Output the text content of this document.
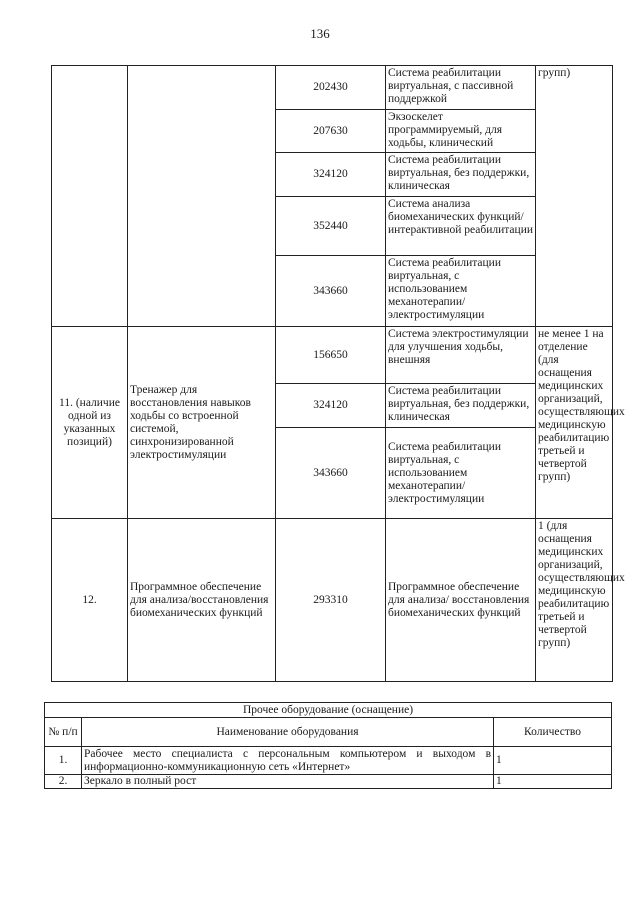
136
		202430	Система реабилитации виртуальная, с пассивной поддержкой	групп)
		207630	Экзоскелет программируемый, для ходьбы, клинический	
		324120	Система реабилитации виртуальная, без поддержки, клиническая	
		352440	Система анализа биомеханических функций/ интерактивной реабилитации	
		343660	Система реабилитации виртуальная, с использованием механотерапии/ электростимуляции	
11. (наличие одной из указанных позиций)	Тренажер для восстановления навыков ходьбы со встроенной системой, синхронизированной электростимуляции	156650	Система электростимуляции для улучшения ходьбы, внешняя	не менее 1 на отделение (для оснащения медицинских организаций, осуществляющих медицинскую реабилитацию третьей и четвертой групп)
		324120	Система реабилитации виртуальная, без поддержки, клиническая	
		343660	Система реабилитации виртуальная, с использованием механотерапии/ электростимуляции	
12.	Программное обеспечение для анализа/восстановления биомеханических функций	293310	Программное обеспечение для анализа/ восстановления биомеханических функций	1 (для оснащения медицинских организаций, осуществляющих медицинскую реабилитацию третьей и четвертой групп)
Прочее оборудование (оснащение)		
№ п/п	Наименование оборудования	Количество
1.	Рабочее место специалиста с персональным компьютером и выходом в информационно-коммуникационную сеть «Интернет»	1
2.	Зеркало в полный рост	1
